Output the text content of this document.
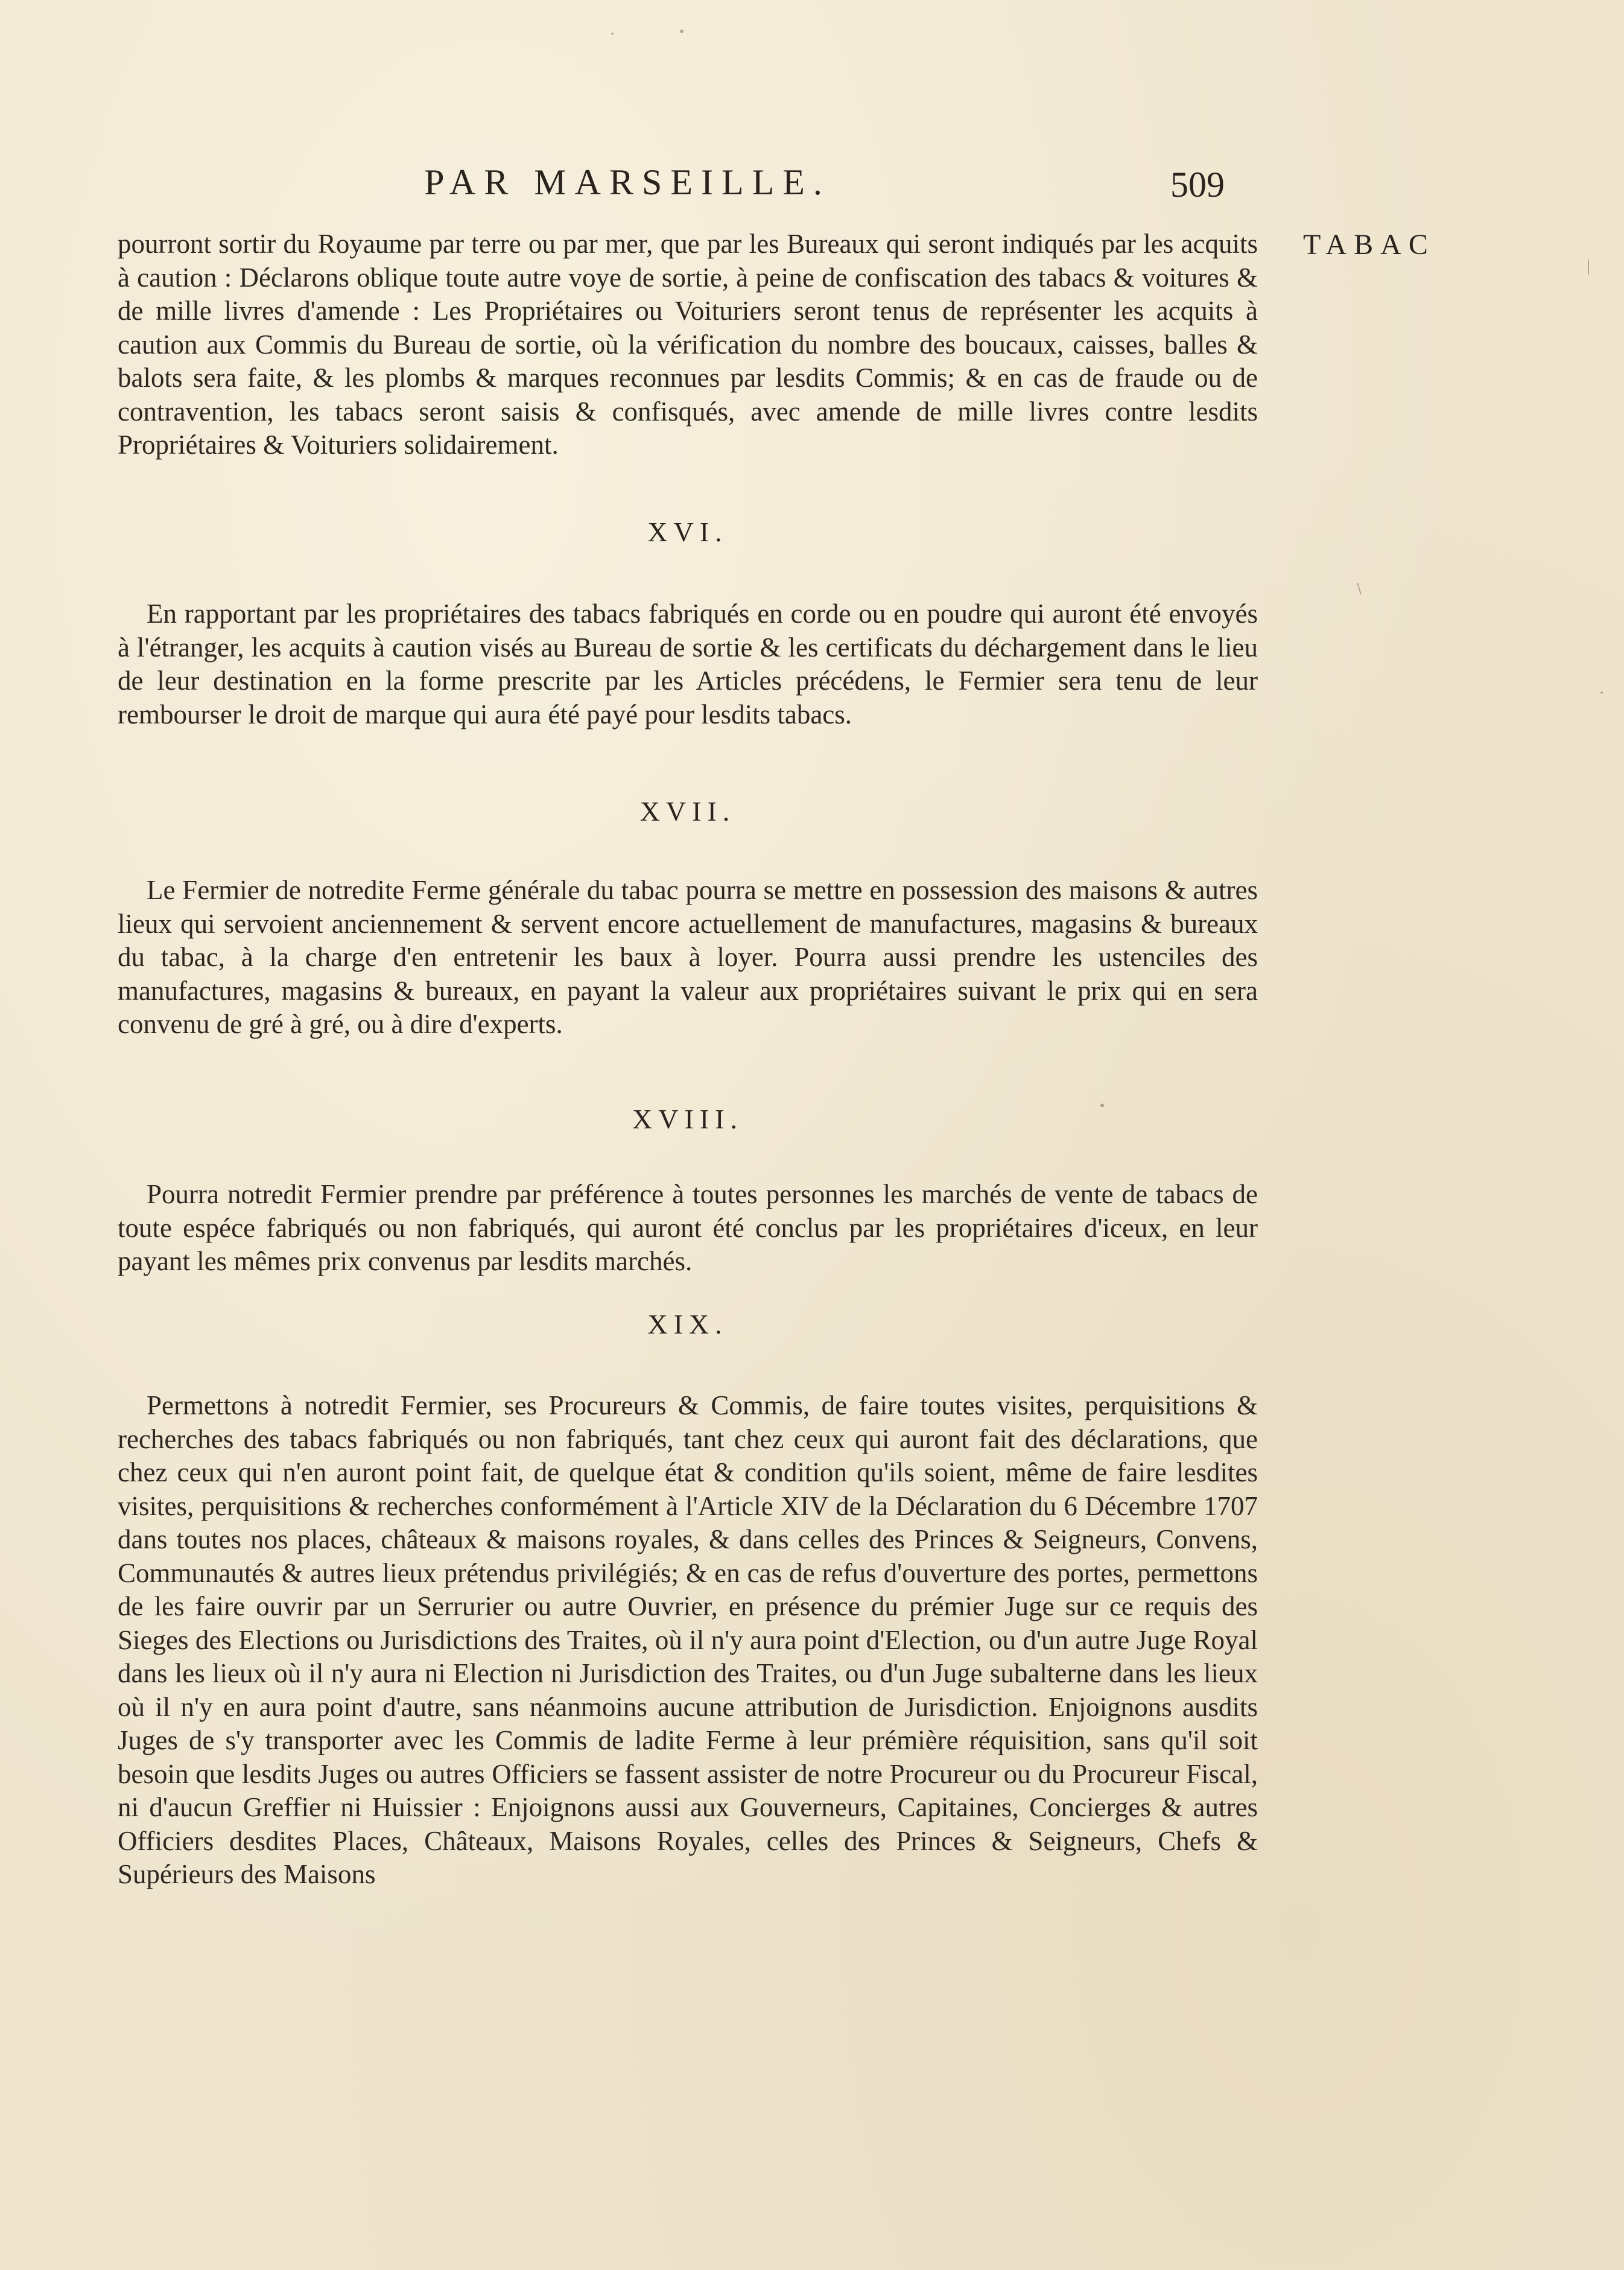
PAR MARSEILLE.	509
TABAC
pourront sortir du Royaume par terre ou par mer, que par les Bureaux qui seront indiqués par les acquits à caution : Déclarons oblique toute autre voye de sortie, à peine de confiscation des tabacs & voitures & de mille livres d'amende : Les Propriétaires ou Voituriers seront tenus de représenter les acquits à caution aux Commis du Bureau de sortie, où la vérification du nombre des boucaux, caisses, balles & balots sera faite, & les plombs & marques reconnues par lesdits Commis; & en cas de fraude ou de contravention, les tabacs seront saisis & confisqués, avec amende de mille livres contre lesdits Propriétaires & Voituriers solidairement.
XVI.
En rapportant par les propriétaires des tabacs fabriqués en corde ou en poudre qui auront été envoyés à l'étranger, les acquits à caution visés au Bureau de sortie & les certificats du déchargement dans le lieu de leur destination en la forme prescrite par les Articles précédens, le Fermier sera tenu de leur rembourser le droit de marque qui aura été payé pour lesdits tabacs.
XVII.
Le Fermier de notredite Ferme générale du tabac pourra se mettre en possession des maisons & autres lieux qui servoient anciennement & servent encore actuellement de manufactures, magasins & bureaux du tabac, à la charge d'en entretenir les baux à loyer. Pourra aussi prendre les ustenciles des manufactures, magasins & bureaux, en payant la valeur aux propriétaires suivant le prix qui en sera convenu de gré à gré, ou à dire d'experts.
XVIII.
Pourra notredit Fermier prendre par préférence à toutes personnes les marchés de vente de tabacs de toute espéce fabriqués ou non fabriqués, qui auront été conclus par les propriétaires d'iceux, en leur payant les mêmes prix convenus par lesdits marchés.
XIX.
Permettons à notredit Fermier, ses Procureurs & Commis, de faire toutes visites, perquisitions & recherches des tabacs fabriqués ou non fabriqués, tant chez ceux qui auront fait des déclarations, que chez ceux qui n'en auront point fait, de quelque état & condition qu'ils soient, même de faire lesdites visites, perquisitions & recherches conformément à l'Article XIV de la Déclaration du 6 Décembre 1707 dans toutes nos places, châteaux & maisons royales, & dans celles des Princes & Seigneurs, Convens, Communautés & autres lieux prétendus privilégiés; & en cas de refus d'ouverture des portes, permettons de les faire ouvrir par un Serrurier ou autre Ouvrier, en présence du prémier Juge sur ce requis des Sieges des Elections ou Jurisdictions des Traites, où il n'y aura point d'Election, ou d'un autre Juge Royal dans les lieux où il n'y aura ni Election ni Jurisdiction des Traites, ou d'un Juge subalterne dans les lieux où il n'y en aura point d'autre, sans néanmoins aucune attribution de Jurisdiction. Enjoignons ausdits Juges de s'y transporter avec les Commis de ladite Ferme à leur prémière réquisition, sans qu'il soit besoin que lesdits Juges ou autres Officiers se fassent assister de notre Procureur ou du Procureur Fiscal, ni d'aucun Greffier ni Huissier : Enjoignons aussi aux Gouverneurs, Capitaines, Concierges & autres Officiers desdites Places, Châteaux, Maisons Royales, celles des Princes & Seigneurs, Chefs & Supérieurs des Maisons
